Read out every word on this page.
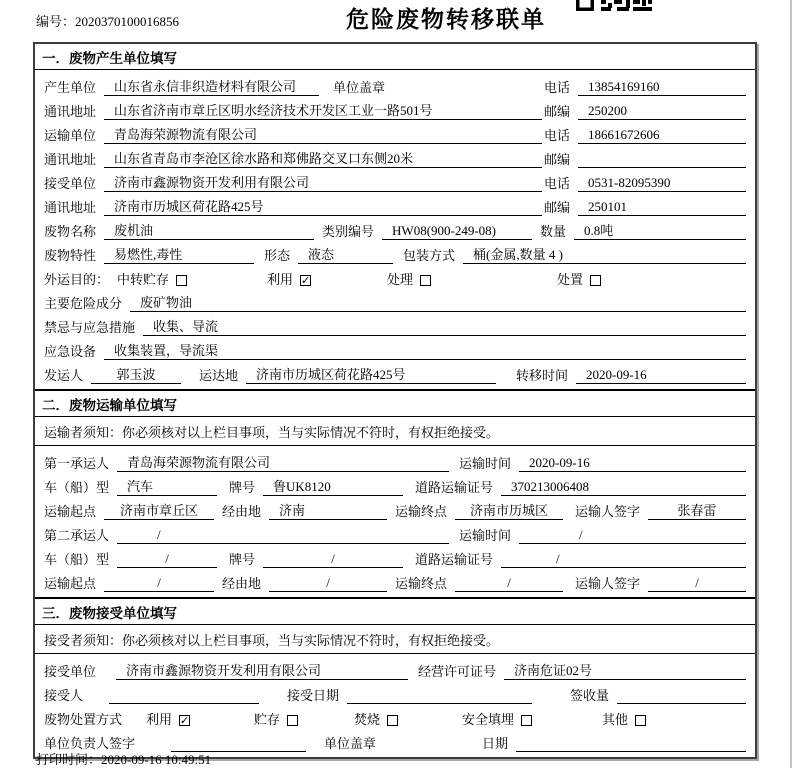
编号：2020370100016856	危险废物转移联单
一．废物产生单位填写
产生单位	山东省永信非织造材料有限公司	单位盖章	电话	13854169160
通讯地址	山东省济南市章丘区明水经济技术开发区工业一路501号	邮编	250200
运输单位	青岛海荣源物流有限公司	电话	18661672606
通讯地址	山东省青岛市李沧区徐水路和郑佛路交叉口东侧20米	邮编
接受单位	济南市鑫源物资开发利用有限公司	电话	0531-82095390
通讯地址	济南市历城区荷花路425号	邮编	250101
废物名称	废机油	类别编号	HW08(900-249-08)	数量	0.8吨
废物特性	易燃性,毒性	形态	液态	包装方式	桶(金属,数量 4 )
外运目的： 中转贮存	利用 ✓	处理	处置
主要危险成分	废矿物油
禁忌与应急措施	收集、导流
应急设备	收集装置，导流渠
发运人	郭玉波	运达地	济南市历城区荷花路425号	转移时间	2020-09-16
二．废物运输单位填写
运输者须知：你必须核对以上栏目事项，当与实际情况不符时，有权拒绝接受。
第一承运人	青岛海荣源物流有限公司	运输时间	2020-09-16
车（船）型	汽车	牌号	鲁UK8120	道路运输证号	370213006408
运输起点	济南市章丘区	经由地	济南	运输终点	济南市历城区	运输人签字	张春雷
第二承运人	/	运输时间	/
车（船）型	/	牌号	/	道路运输证号	/
运输起点	/	经由地	/	运输终点	/	运输人签字	/
三．废物接受单位填写
接受者须知：你必须核对以上栏目事项，当与实际情况不符时，有权拒绝接受。
接受单位	济南市鑫源物资开发利用有限公司	经营许可证号	济南危证02号
接受人	接受日期	签收量
废物处置方式	利用 ✓	贮存	焚烧	安全填埋	其他
单位负责人签字	单位盖章	日期
打印时间：2020-09-16 10:49:51
